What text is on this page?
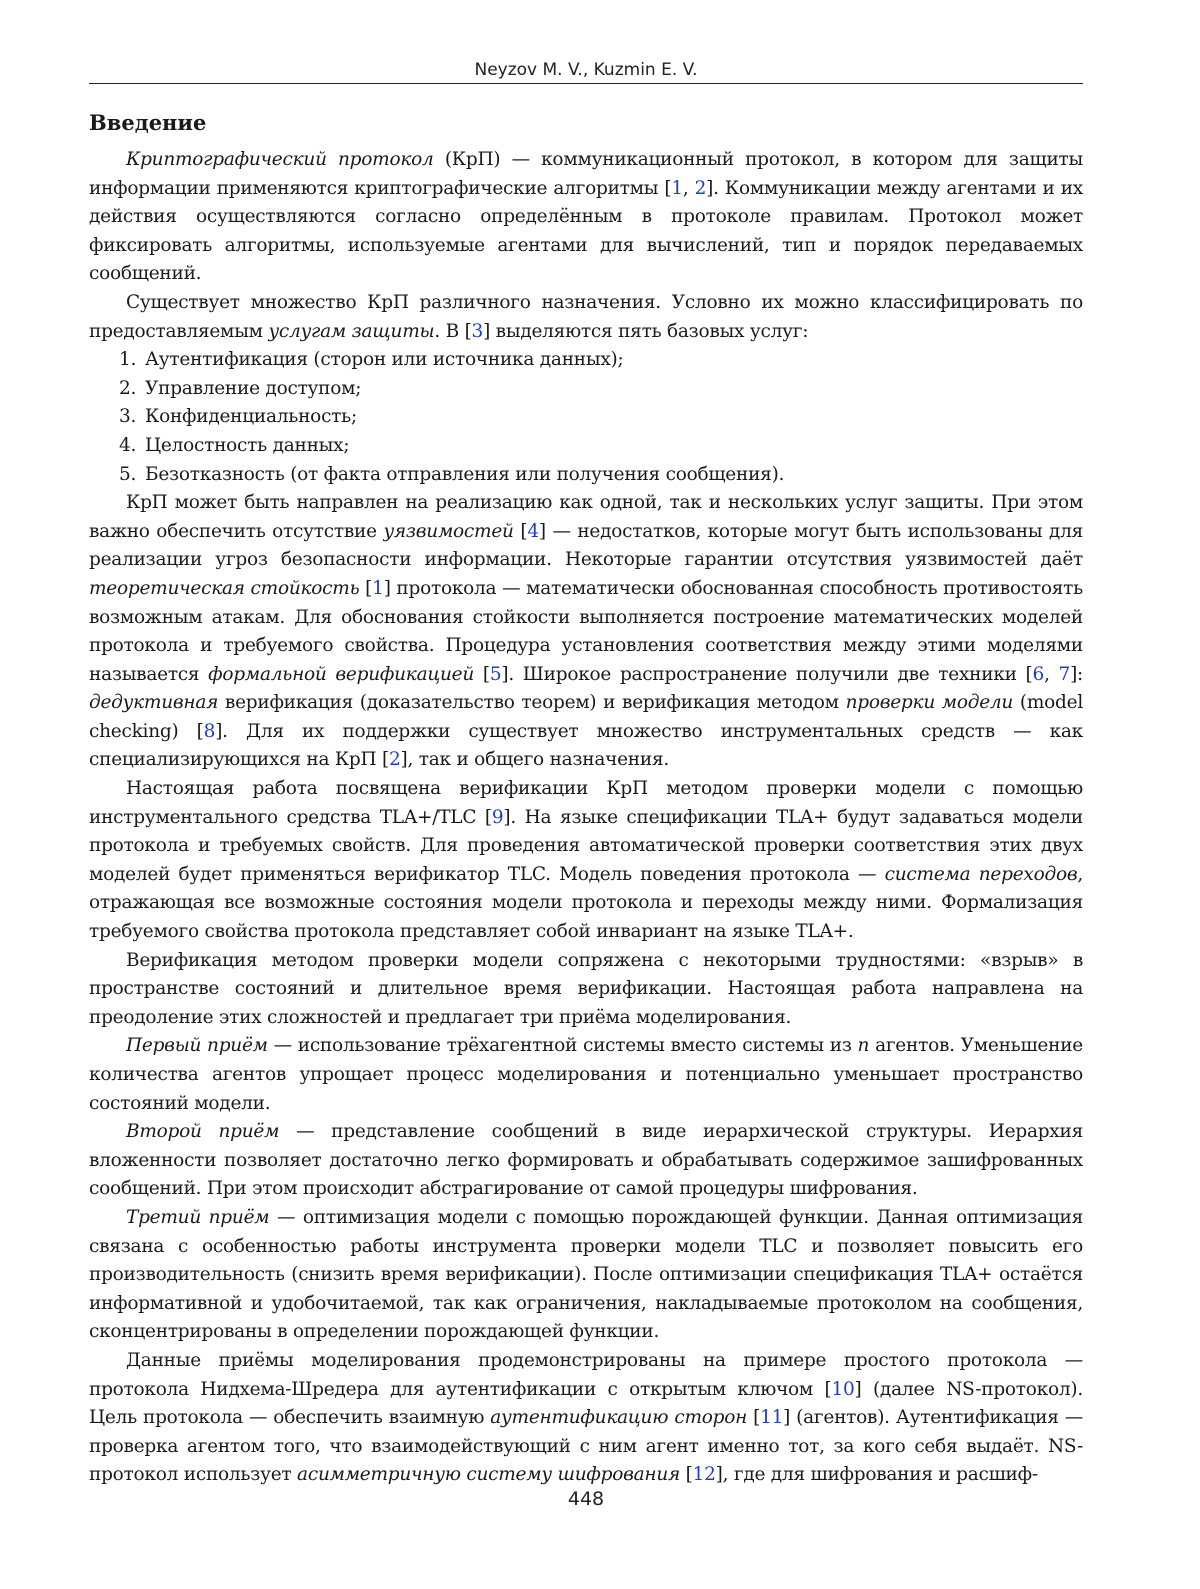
Neyzov M. V., Kuzmin E. V.
Введение

Криптографический протокол (КрП) — коммуникационный протокол, в котором для защиты информации применяются криптографические алгоритмы [1, 2]. Коммуникации между агентами и их действия осуществляются согласно определённым в протоколе правилам. Протокол может фиксировать алгоритмы, используемые агентами для вычислений, тип и порядок передаваемых сообщений.

Существует множество КрП различного назначения. Условно их можно классифицировать по предоставляемым услугам защиты. В [3] выделяются пять базовых услуг:

1. Аутентификация (сторон или источника данных);
2. Управление доступом;
3. Конфиденциальность;
4. Целостность данных;
5. Безотказность (от факта отправления или получения сообщения).

КрП может быть направлен на реализацию как одной, так и нескольких услуг защиты. При этом важно обеспечить отсутствие уязвимостей [4] — недостатков, которые могут быть использованы для реализации угроз безопасности информации. Некоторые гарантии отсутствия уязвимостей даёт теоретическая стойкость [1] протокола — математически обоснованная способность противостоять возможным атакам. Для обоснования стойкости выполняется построение математических моделей протокола и требуемого свойства. Процедура установления соответствия между этими моделями называется формальной верификацией [5]. Широкое распространение получили две техники [6, 7]: дедуктивная верификация (доказательство теорем) и верификация методом проверки модели (model checking) [8]. Для их поддержки существует множество инструментальных средств — как специализирующихся на КрП [2], так и общего назначения.

Настоящая работа посвящена верификации КрП методом проверки модели с помощью инструментального средства TLA+/TLC [9]. На языке спецификации TLA+ будут задаваться модели протокола и требуемых свойств. Для проведения автоматической проверки соответствия этих двух моделей будет применяться верификатор TLC. Модель поведения протокола — система переходов, отражающая все возможные состояния модели протокола и переходы между ними. Формализация требуемого свойства протокола представляет собой инвариант на языке TLA+.

Верификация методом проверки модели сопряжена с некоторыми трудностями: «взрыв» в пространстве состояний и длительное время верификации. Настоящая работа направлена на преодоление этих сложностей и предлагает три приёма моделирования.

Первый приём — использование трёхагентной системы вместо системы из n агентов. Уменьшение количества агентов упрощает процесс моделирования и потенциально уменьшает пространство состояний модели.

Второй приём — представление сообщений в виде иерархической структуры. Иерархия вложенности позволяет достаточно легко формировать и обрабатывать содержимое зашифрованных сообщений. При этом происходит абстрагирование от самой процедуры шифрования.

Третий приём — оптимизация модели с помощью порождающей функции. Данная оптимизация связана с особенностью работы инструмента проверки модели TLC и позволяет повысить его производительность (снизить время верификации). После оптимизации спецификация TLA+ остаётся информативной и удобочитаемой, так как ограничения, накладываемые протоколом на сообщения, сконцентрированы в определении порождающей функции.

Данные приёмы моделирования продемонстрированы на примере простого протокола — протокола Нидхема-Шредера для аутентификации с открытым ключом [10] (далее NS-протокол). Цель протокола — обеспечить взаимную аутентификацию сторон [11] (агентов). Аутентификация — проверка агентом того, что взаимодействующий с ним агент именно тот, за кого себя выдаёт. NS-протокол использует асимметричную систему шифрования [12], где для шифрования и расшиф-

448
